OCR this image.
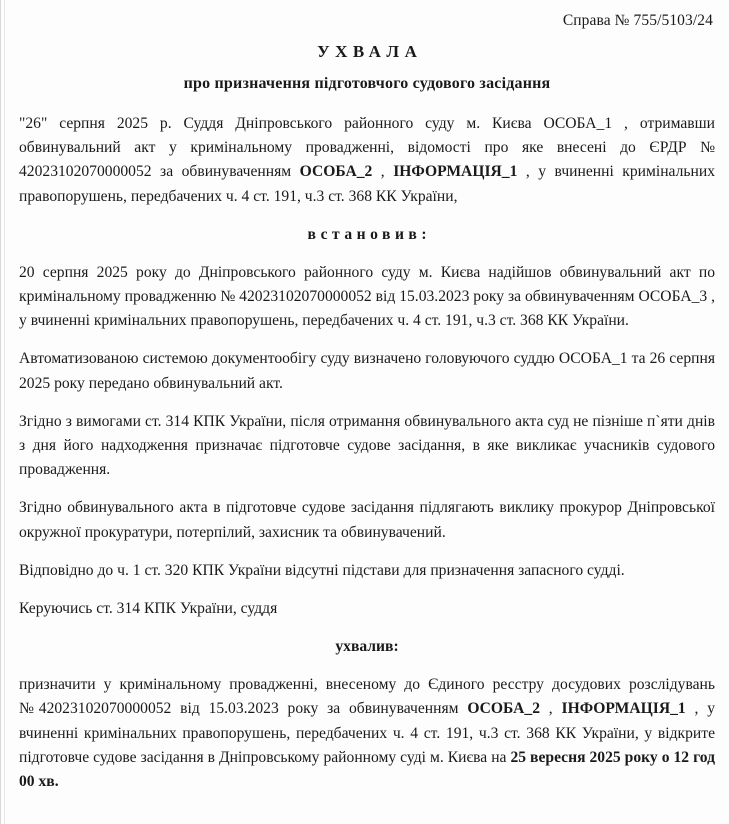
Справа № 755/5103/24
УХВАЛА
про призначення підготовчого судового засідання

"26" серпня 2025 р. Суддя Дніпровського районного суду м. Києва ОСОБА_1 , отримавши обвинувальний акт у кримінальному провадженні, відомості про яке внесені до ЄРДР № 42023102070000052 за обвинуваченням ОСОБА_2 , ІНФОРМАЦІЯ_1 , у вчиненні кримінальних правопорушень, передбачених ч. 4 ст. 191, ч.3 ст. 368 КК України,

встановив:

20 серпня 2025 року до Дніпровського районного суду м. Києва надійшов обвинувальний акт по кримінальному провадженню № 42023102070000052 від 15.03.2023 року за обвинуваченням ОСОБА_3 , у вчиненні кримінальних правопорушень, передбачених ч. 4 ст. 191, ч.3 ст. 368 КК України.

Автоматизованою системою документообігу суду визначено головуючого суддю ОСОБА_1 та 26 серпня 2025 року передано обвинувальний акт.

Згідно з вимогами ст. 314 КПК України, після отримання обвинувального акта суд не пізніше п`яти днів з дня його надходження призначає підготовче судове засідання, в яке викликає учасників судового провадження.

Згідно обвинувального акта в підготовче судове засідання підлягають виклику прокурор Дніпровської окружної прокуратури, потерпілий, захисник та обвинувачений.

Відповідно до ч. 1 ст. 320 КПК України відсутні підстави для призначення запасного судді.

Керуючись ст. 314 КПК України, суддя

ухвалив:

призначити у кримінальному провадженні, внесеному до Єдиного ресстру досудових розслідувань №42023102070000052 від 15.03.2023 року за обвинуваченням ОСОБА_2 , ІНФОРМАЦІЯ_1 , у вчиненні кримінальних правопорушень, передбачених ч. 4 ст. 191, ч.3 ст. 368 КК України, у відкрите підготовче судове засідання в Дніпровському районному суді м. Києва на 25 вересня 2025 року о 12 год 00 хв.
